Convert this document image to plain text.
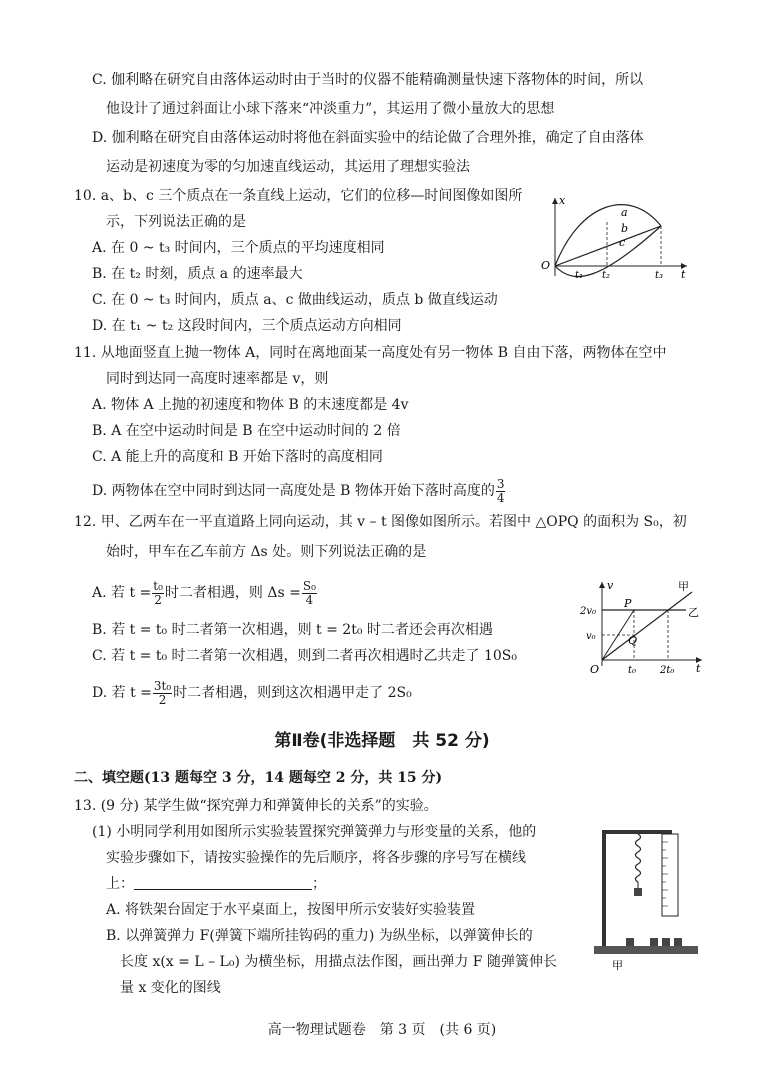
C. 伽利略在研究自由落体运动时由于当时的仪器不能精确测量快速下落物体的时间，所以
他设计了通过斜面让小球下落来“冲淡重力”，其运用了微小量放大的思想
D. 伽利略在研究自由落体运动时将他在斜面实验中的结论做了合理外推，确定了自由落体
运动是初速度为零的匀加速直线运动，其运用了理想实验法
10. a、b、c 三个质点在一条直线上运动，它们的位移—时间图像如图所
示，下列说法正确的是
A. 在 0 ~ t₃ 时间内，三个质点的平均速度相同
B. 在 t₂ 时刻，质点 a 的速率最大
C. 在 0 ~ t₃ 时间内，质点 a、c 做曲线运动，质点 b 做直线运动
D. 在 t₁ ~ t₂ 这段时间内，三个质点运动方向相同
x
t
O
a
b
c
t₁ t₂	t₃
11. 从地面竖直上抛一物体 A，同时在离地面某一高度处有另一物体 B 自由下落，两物体在空中
同时到达同一高度时速率都是 v，则
A. 物体 A 上抛的初速度和物体 B 的末速度都是 4v
B. A 在空中运动时间是 B 在空中运动时间的 2 倍
C. A 能上升的高度和 B 开始下落时的高度相同
D. 两物体在空中同时到达同一高度处是 B 物体开始下落时高度的 $\frac{3}{4}$
12. 甲、乙两车在一平直道路上同向运动，其 v – t 图像如图所示。若图中 △OPQ 的面积为 S₀，初
始时，甲车在乙车前方 Δs 处。则下列说法正确的是
A. 若 $t = \frac{\text{t₀}}{2}$ 时二者相遇，则 $\Delta s = \frac{\text{S₀}}{4}$
B. 若 t = t₀ 时二者第一次相遇，则 t = 2t₀ 时二者还会再次相遇
C. 若 t = t₀ 时二者第一次相遇，则到二者再次相遇时乙共走了 10S₀
D. 若 $t = \frac{\text{3t₀}}{2}$ 时二者相遇，则到这次相遇甲走了 2S₀
v
t
O
甲
乙
P
Q
2v₀
v₀
t₀ 2t₀
第Ⅱ卷(非选择题　共 52 分)
二、填空题(13 题每空 3 分，14 题每空 2 分，共 15 分)
13. (9 分) 某学生做“探究弹力和弹簧伸长的关系”的实验。
(1) 小明同学利用如图所示实验装置探究弹簧弹力与形变量的关系，他的
实验步骤如下，请按实验操作的先后顺序，将各步骤的序号写在横线
上：	；
A. 将铁架台固定于水平桌面上，按图甲所示安装好实验装置
B. 以弹簧弹力 F(弹簧下端所挂钩码的重力) 为纵坐标，以弹簧伸长的
长度 x(x = L – L₀) 为横坐标，用描点法作图，画出弹力 F 随弹簧伸长
量 x 变化的图线
甲
高一物理试题卷　第 3 页　(共 6 页)
